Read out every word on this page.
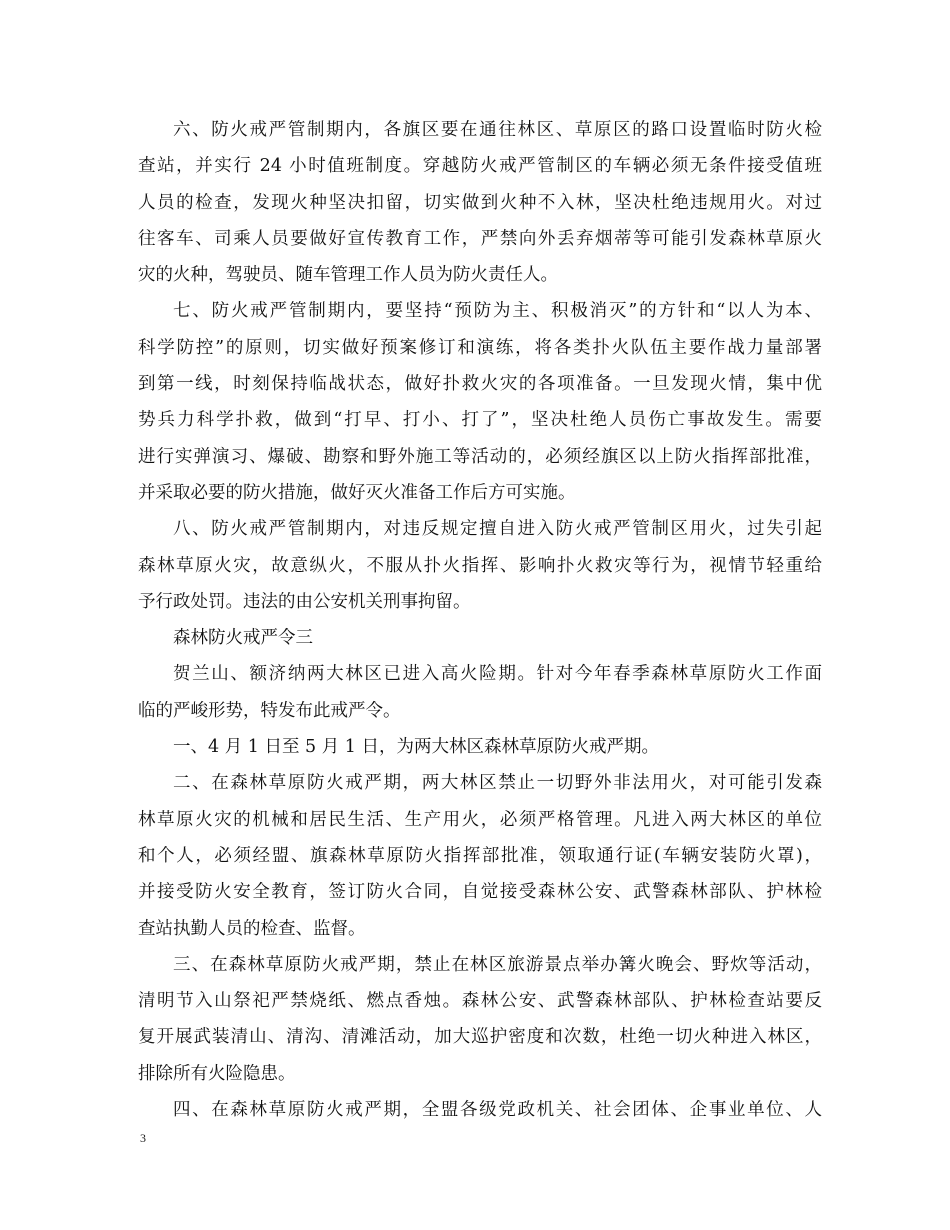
六、防火戒严管制期内，各旗区要在通往林区、草原区的路口设置临时防火检
查站，并实行 24 小时值班制度。穿越防火戒严管制区的车辆必须无条件接受值班
人员的检查，发现火种坚决扣留，切实做到火种不入林，坚决杜绝违规用火。对过
往客车、司乘人员要做好宣传教育工作，严禁向外丢弃烟蒂等可能引发森林草原火
灾的火种，驾驶员、随车管理工作人员为防火责任人。
七、防火戒严管制期内，要坚持“预防为主、积极消灭”的方针和“以人为本、
科学防控”的原则，切实做好预案修订和演练，将各类扑火队伍主要作战力量部署
到第一线，时刻保持临战状态，做好扑救火灾的各项准备。一旦发现火情，集中优
势兵力科学扑救，做到“打早、打小、打了”，坚决杜绝人员伤亡事故发生。需要
进行实弹演习、爆破、勘察和野外施工等活动的，必须经旗区以上防火指挥部批准，
并采取必要的防火措施，做好灭火准备工作后方可实施。
八、防火戒严管制期内，对违反规定擅自进入防火戒严管制区用火，过失引起
森林草原火灾，故意纵火，不服从扑火指挥、影响扑火救灾等行为，视情节轻重给
予行政处罚。违法的由公安机关刑事拘留。
森林防火戒严令三
贺兰山、额济纳两大林区已进入高火险期。针对今年春季森林草原防火工作面
临的严峻形势，特发布此戒严令。
一、4 月 1 日至 5 月 1 日，为两大林区森林草原防火戒严期。
二、在森林草原防火戒严期，两大林区禁止一切野外非法用火，对可能引发森
林草原火灾的机械和居民生活、生产用火，必须严格管理。凡进入两大林区的单位
和个人，必须经盟、旗森林草原防火指挥部批准，领取通行证(车辆安装防火罩)，
并接受防火安全教育，签订防火合同，自觉接受森林公安、武警森林部队、护林检
查站执勤人员的检查、监督。
三、在森林草原防火戒严期，禁止在林区旅游景点举办篝火晚会、野炊等活动，
清明节入山祭祀严禁烧纸、燃点香烛。森林公安、武警森林部队、护林检查站要反
复开展武装清山、清沟、清滩活动，加大巡护密度和次数，杜绝一切火种进入林区，
排除所有火险隐患。
四、在森林草原防火戒严期，全盟各级党政机关、社会团体、企事业单位、人
3
